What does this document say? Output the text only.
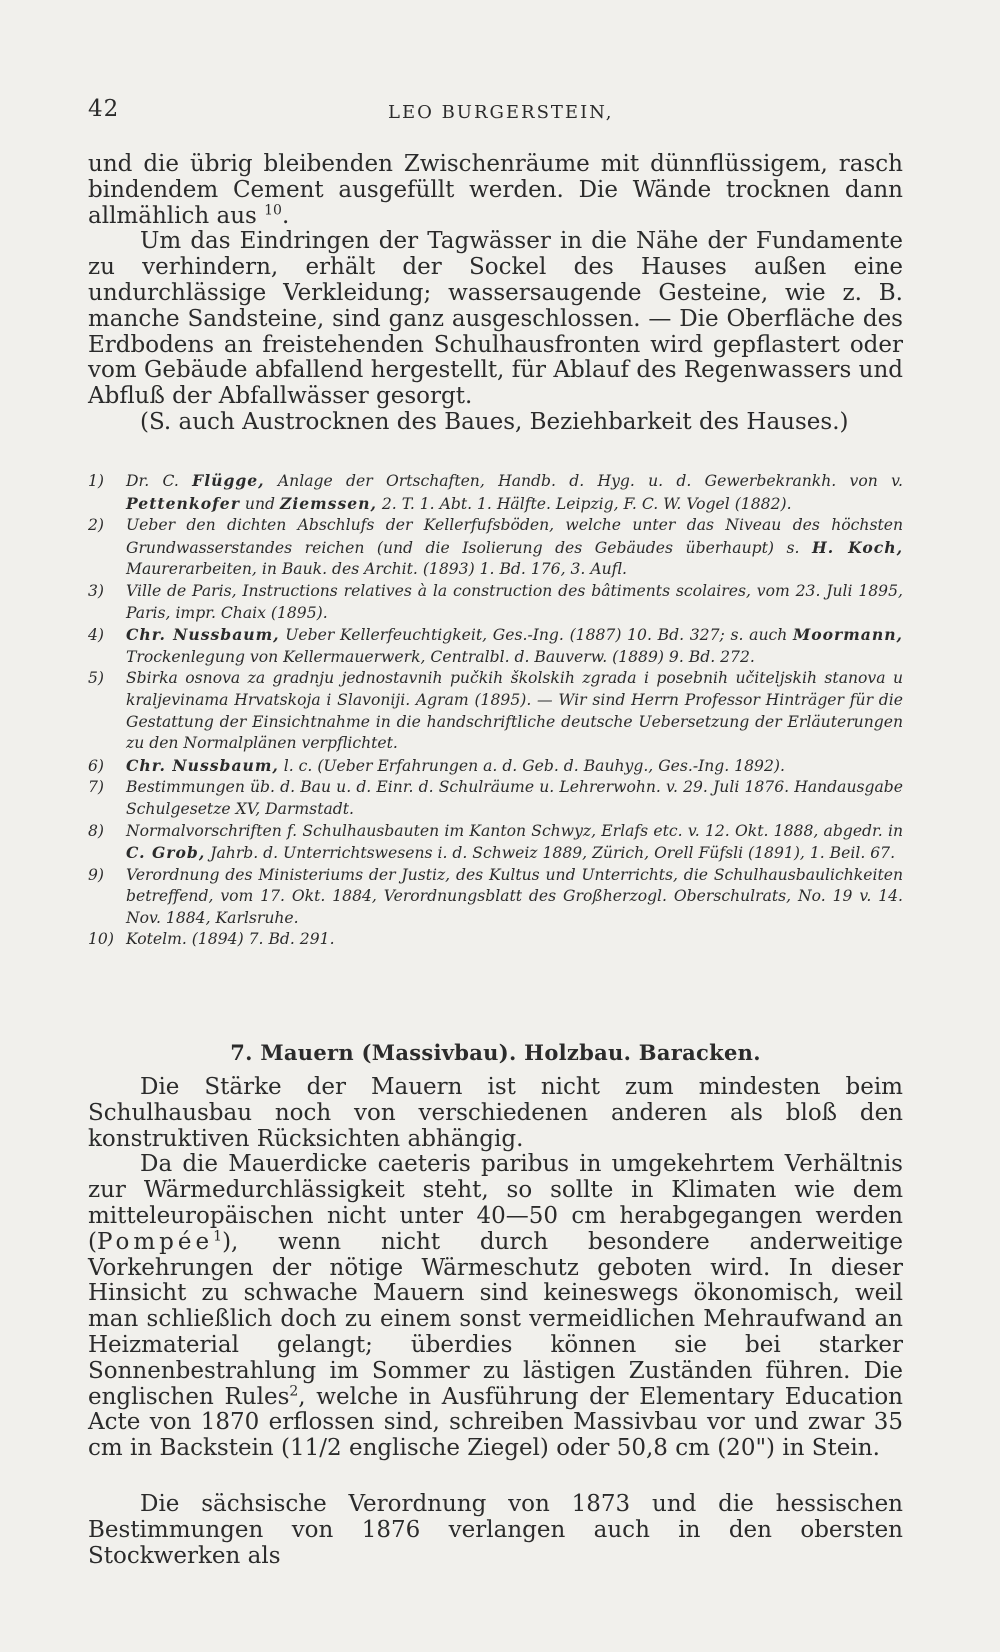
42	LEO BURGERSTEIN,

und die übrig bleibenden Zwischenräume mit dünnflüssigem, rasch bindendem Cement ausgefüllt werden. Die Wände trocknen dann allmählich aus $^{10}$.

Um das Eindringen der Tagwässer in die Nähe der Fundamente zu verhindern, erhält der Sockel des Hauses außen eine undurchlässige Verkleidung; wassersaugende Gesteine, wie z. B. manche Sandsteine, sind ganz ausgeschlossen. — Die Oberfläche des Erdbodens an freistehenden Schulhausfronten wird gepflastert oder vom Gebäude abfallend hergestellt, für Ablauf des Regenwassers und Abfluß der Abfallwässer gesorgt.

(S. auch Austrocknen des Baues, Beziehbarkeit des Hauses.)

1) Dr. C. Flügge, Anlage der Ortschaften, Handb. d. Hyg. u. d. Gewerbekrankh. von v. Pettenkofer und Ziemssen, 2. T. 1. Abt. 1. Hälfte. Leipzig, F. C. W. Vogel (1882).

2) Ueber den dichten Abschlufs der Kellerfufsböden, welche unter das Niveau des höchsten Grundwasserstandes reichen (und die Isolierung des Gebäudes überhaupt) s. H. Koch, Maurerarbeiten, in Bauk. des Archit. (1893) 1. Bd. 176, 3. Aufl.

3) Ville de Paris, Instructions relatives à la construction des bâtiments scolaires, vom 23. Juli 1895, Paris, impr. Chaix (1895).

4) Chr. Nussbaum, Ueber Kellerfeuchtigkeit, Ges.-Ing. (1887) 10. Bd. 327; s. auch Moormann, Trockenlegung von Kellermauerwerk, Centralbl. d. Bauverw. (1889) 9. Bd. 272.

5) Sbirka osnova za gradnju jednostavnih pučkih školskih zgrada i posebnih učiteljskih stanova u kraljevinama Hrvatskoja i Slavoniji. Agram (1895). — Wir sind Herrn Professor Hinträger für die Gestattung der Einsichtnahme in die handschriftliche deutsche Uebersetzung der Erläuterungen zu den Normalplänen verpflichtet.

6) Chr. Nussbaum, l. c. (Ueber Erfahrungen a. d. Geb. d. Bauhyg., Ges.-Ing. 1892).

7) Bestimmungen üb. d. Bau u. d. Einr. d. Schulräume u. Lehrerwohn. v. 29. Juli 1876. Handausgabe Schulgesetze XV, Darmstadt.

8) Normalvorschriften f. Schulhausbauten im Kanton Schwyz, Erlafs etc. v. 12. Okt. 1888, abgedr. in C. Grob, Jahrb. d. Unterrichtswesens i. d. Schweiz 1889, Zürich, Orell Füfsli (1891), 1. Beil. 67.

9) Verordnung des Ministeriums der Justiz, des Kultus und Unterrichts, die Schulhausbaulichkeiten betreffend, vom 17. Okt. 1884, Verordnungsblatt des Großherzogl. Oberschulrats, No. 19 v. 14. Nov. 1884, Karlsruhe.

10) Kotelm. (1894) 7. Bd. 291.

7. Mauern (Massivbau). Holzbau. Baracken.

Die Stärke der Mauern ist nicht zum mindesten beim Schulhausbau noch von verschiedenen anderen als bloß den konstruktiven Rücksichten abhängig.

Da die Mauerdicke caeteris paribus in umgekehrtem Verhältnis zur Wärmedurchlässigkeit steht, so sollte in Klimaten wie dem mitteleuropäischen nicht unter 40—50 cm herabgegangen werden (Pompée$^1$), wenn nicht durch besondere anderweitige Vorkehrungen der nötige Wärmeschutz geboten wird. In dieser Hinsicht zu schwache Mauern sind keineswegs ökonomisch, weil man schließlich doch zu einem sonst vermeidlichen Mehraufwand an Heizmaterial gelangt; überdies können sie bei starker Sonnenbestrahlung im Sommer zu lästigen Zuständen führen. Die englischen Rules$^2$, welche in Ausführung der Elementary Education Acte von 1870 erflossen sind, schreiben Massivbau vor und zwar 35 cm in Backstein (11/2 englische Ziegel) oder 50,8 cm (20") in Stein.

Die sächsische Verordnung von 1873 und die hessischen Bestimmungen von 1876 verlangen auch in den obersten Stockwerken als
